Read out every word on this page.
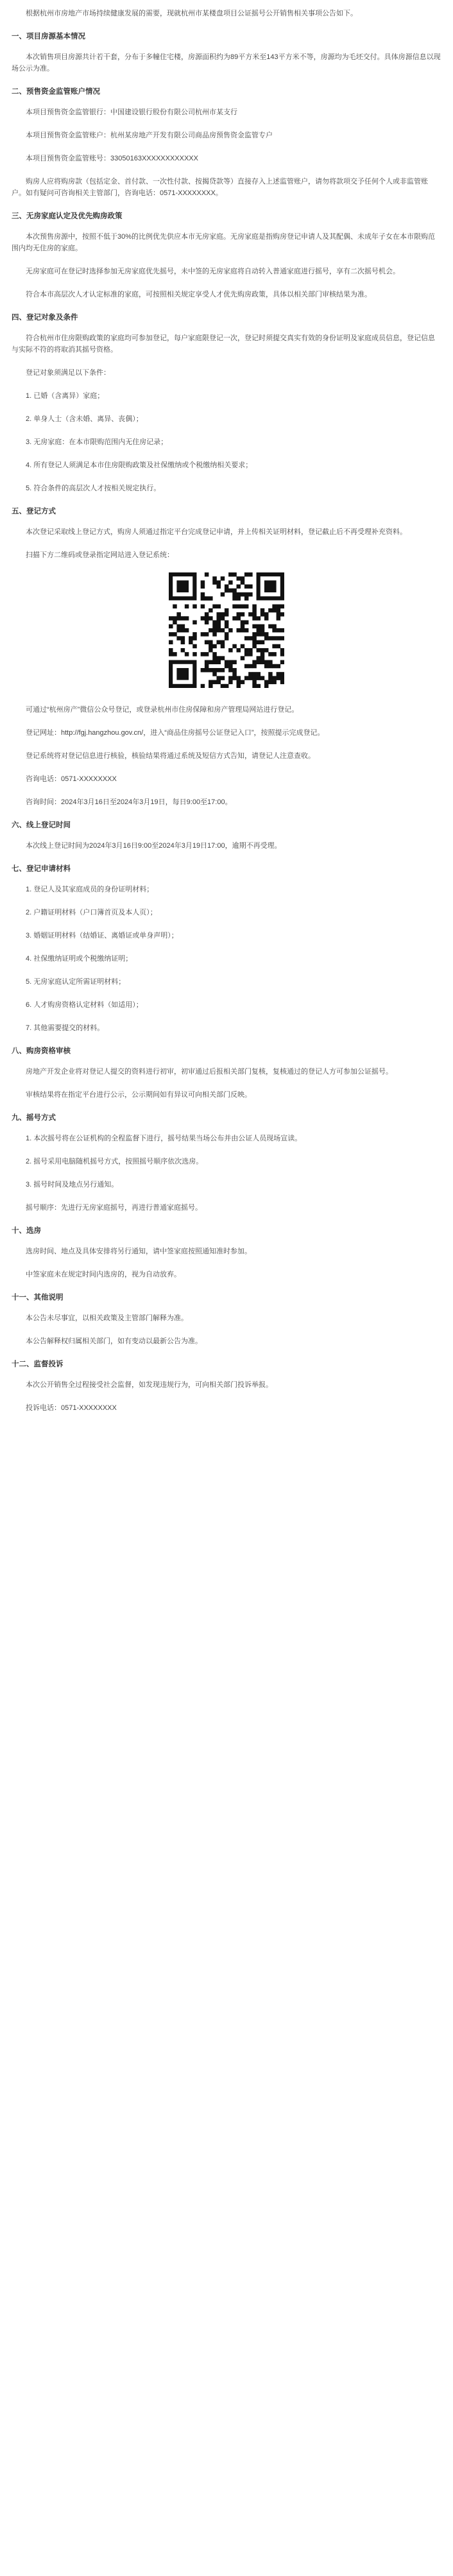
根据杭州市房地产市场持续健康发展的需要，现就杭州市某楼盘项目公证摇号公开销售相关事项公告如下。

一、项目房源基本情况

本次销售项目房源共计若干套，分布于多幢住宅楼，房源面积约为89平方米至143平方米不等，房源均为毛坯交付。具体房源信息以现场公示为准。

二、预售资金监管账户情况

本项目预售资金监管银行：中国建设银行股份有限公司杭州市某支行

本项目预售资金监管账户：杭州某房地产开发有限公司商品房预售资金监管专户

本项目预售资金监管账号：33050163XXXXXXXXXXXX

购房人应将购房款（包括定金、首付款、一次性付款、按揭贷款等）直接存入上述监管账户，请勿将款项交予任何个人或非监管账户。如有疑问可咨询相关主管部门，咨询电话：0571-XXXXXXXX。

三、无房家庭认定及优先购房政策

本次预售房源中，按照不低于30%的比例优先供应本市无房家庭。无房家庭是指购房登记申请人及其配偶、未成年子女在本市限购范围内均无住房的家庭。

无房家庭可在登记时选择参加无房家庭优先摇号，未中签的无房家庭将自动转入普通家庭进行摇号，享有二次摇号机会。

符合本市高层次人才认定标准的家庭，可按照相关规定享受人才优先购房政策，具体以相关部门审核结果为准。

四、登记对象及条件

符合杭州市住房限购政策的家庭均可参加登记，每户家庭限登记一次，登记时须提交真实有效的身份证明及家庭成员信息，登记信息与实际不符的将取消其摇号资格。

登记对象须满足以下条件：

1. 已婚（含离异）家庭；

2. 单身人士（含未婚、离异、丧偶）；

3. 无房家庭：在本市限购范围内无住房记录；

4. 所有登记人须满足本市住房限购政策及社保缴纳或个税缴纳相关要求；

5. 符合条件的高层次人才按相关规定执行。

五、登记方式

本次登记采取线上登记方式，购房人须通过指定平台完成登记申请，并上传相关证明材料，登记截止后不再受理补充资料。

扫描下方二维码或登录指定网站进入登记系统：

可通过“杭州房产”微信公众号登记，或登录杭州市住房保障和房产管理局网站进行登记。

登记网址：http://fgj.hangzhou.gov.cn/，进入“商品住房摇号公证登记入口”，按照提示完成登记。

登记系统将对登记信息进行核验，核验结果将通过系统及短信方式告知，请登记人注意查收。

咨询电话：0571-XXXXXXXX

咨询时间：2024年3月16日至2024年3月19日，每日9:00至17:00。

六、线上登记时间

本次线上登记时间为2024年3月16日9:00至2024年3月19日17:00，逾期不再受理。

七、登记申请材料

1. 登记人及其家庭成员的身份证明材料；

2. 户籍证明材料（户口簿首页及本人页）；

3. 婚姻证明材料（结婚证、离婚证或单身声明）；

4. 社保缴纳证明或个税缴纳证明；

5. 无房家庭认定所需证明材料；

6. 人才购房资格认定材料（如适用）；

7. 其他需要提交的材料。

八、购房资格审核

房地产开发企业将对登记人提交的资料进行初审，初审通过后报相关部门复核，复核通过的登记人方可参加公证摇号。

审核结果将在指定平台进行公示，公示期间如有异议可向相关部门反映。

九、摇号方式

1. 本次摇号将在公证机构的全程监督下进行，摇号结果当场公布并由公证人员现场宣读。

2. 摇号采用电脑随机摇号方式，按照摇号顺序依次选房。

3. 摇号时间及地点另行通知。

摇号顺序：先进行无房家庭摇号，再进行普通家庭摇号。

十、选房

选房时间、地点及具体安排将另行通知，请中签家庭按照通知准时参加。

中签家庭未在规定时间内选房的，视为自动放弃。

十一、其他说明

本公告未尽事宜，以相关政策及主管部门解释为准。

本公告解释权归属相关部门，如有变动以最新公告为准。

十二、监督投诉

本次公开销售全过程接受社会监督，如发现违规行为，可向相关部门投诉举报。

投诉电话：0571-XXXXXXXX
